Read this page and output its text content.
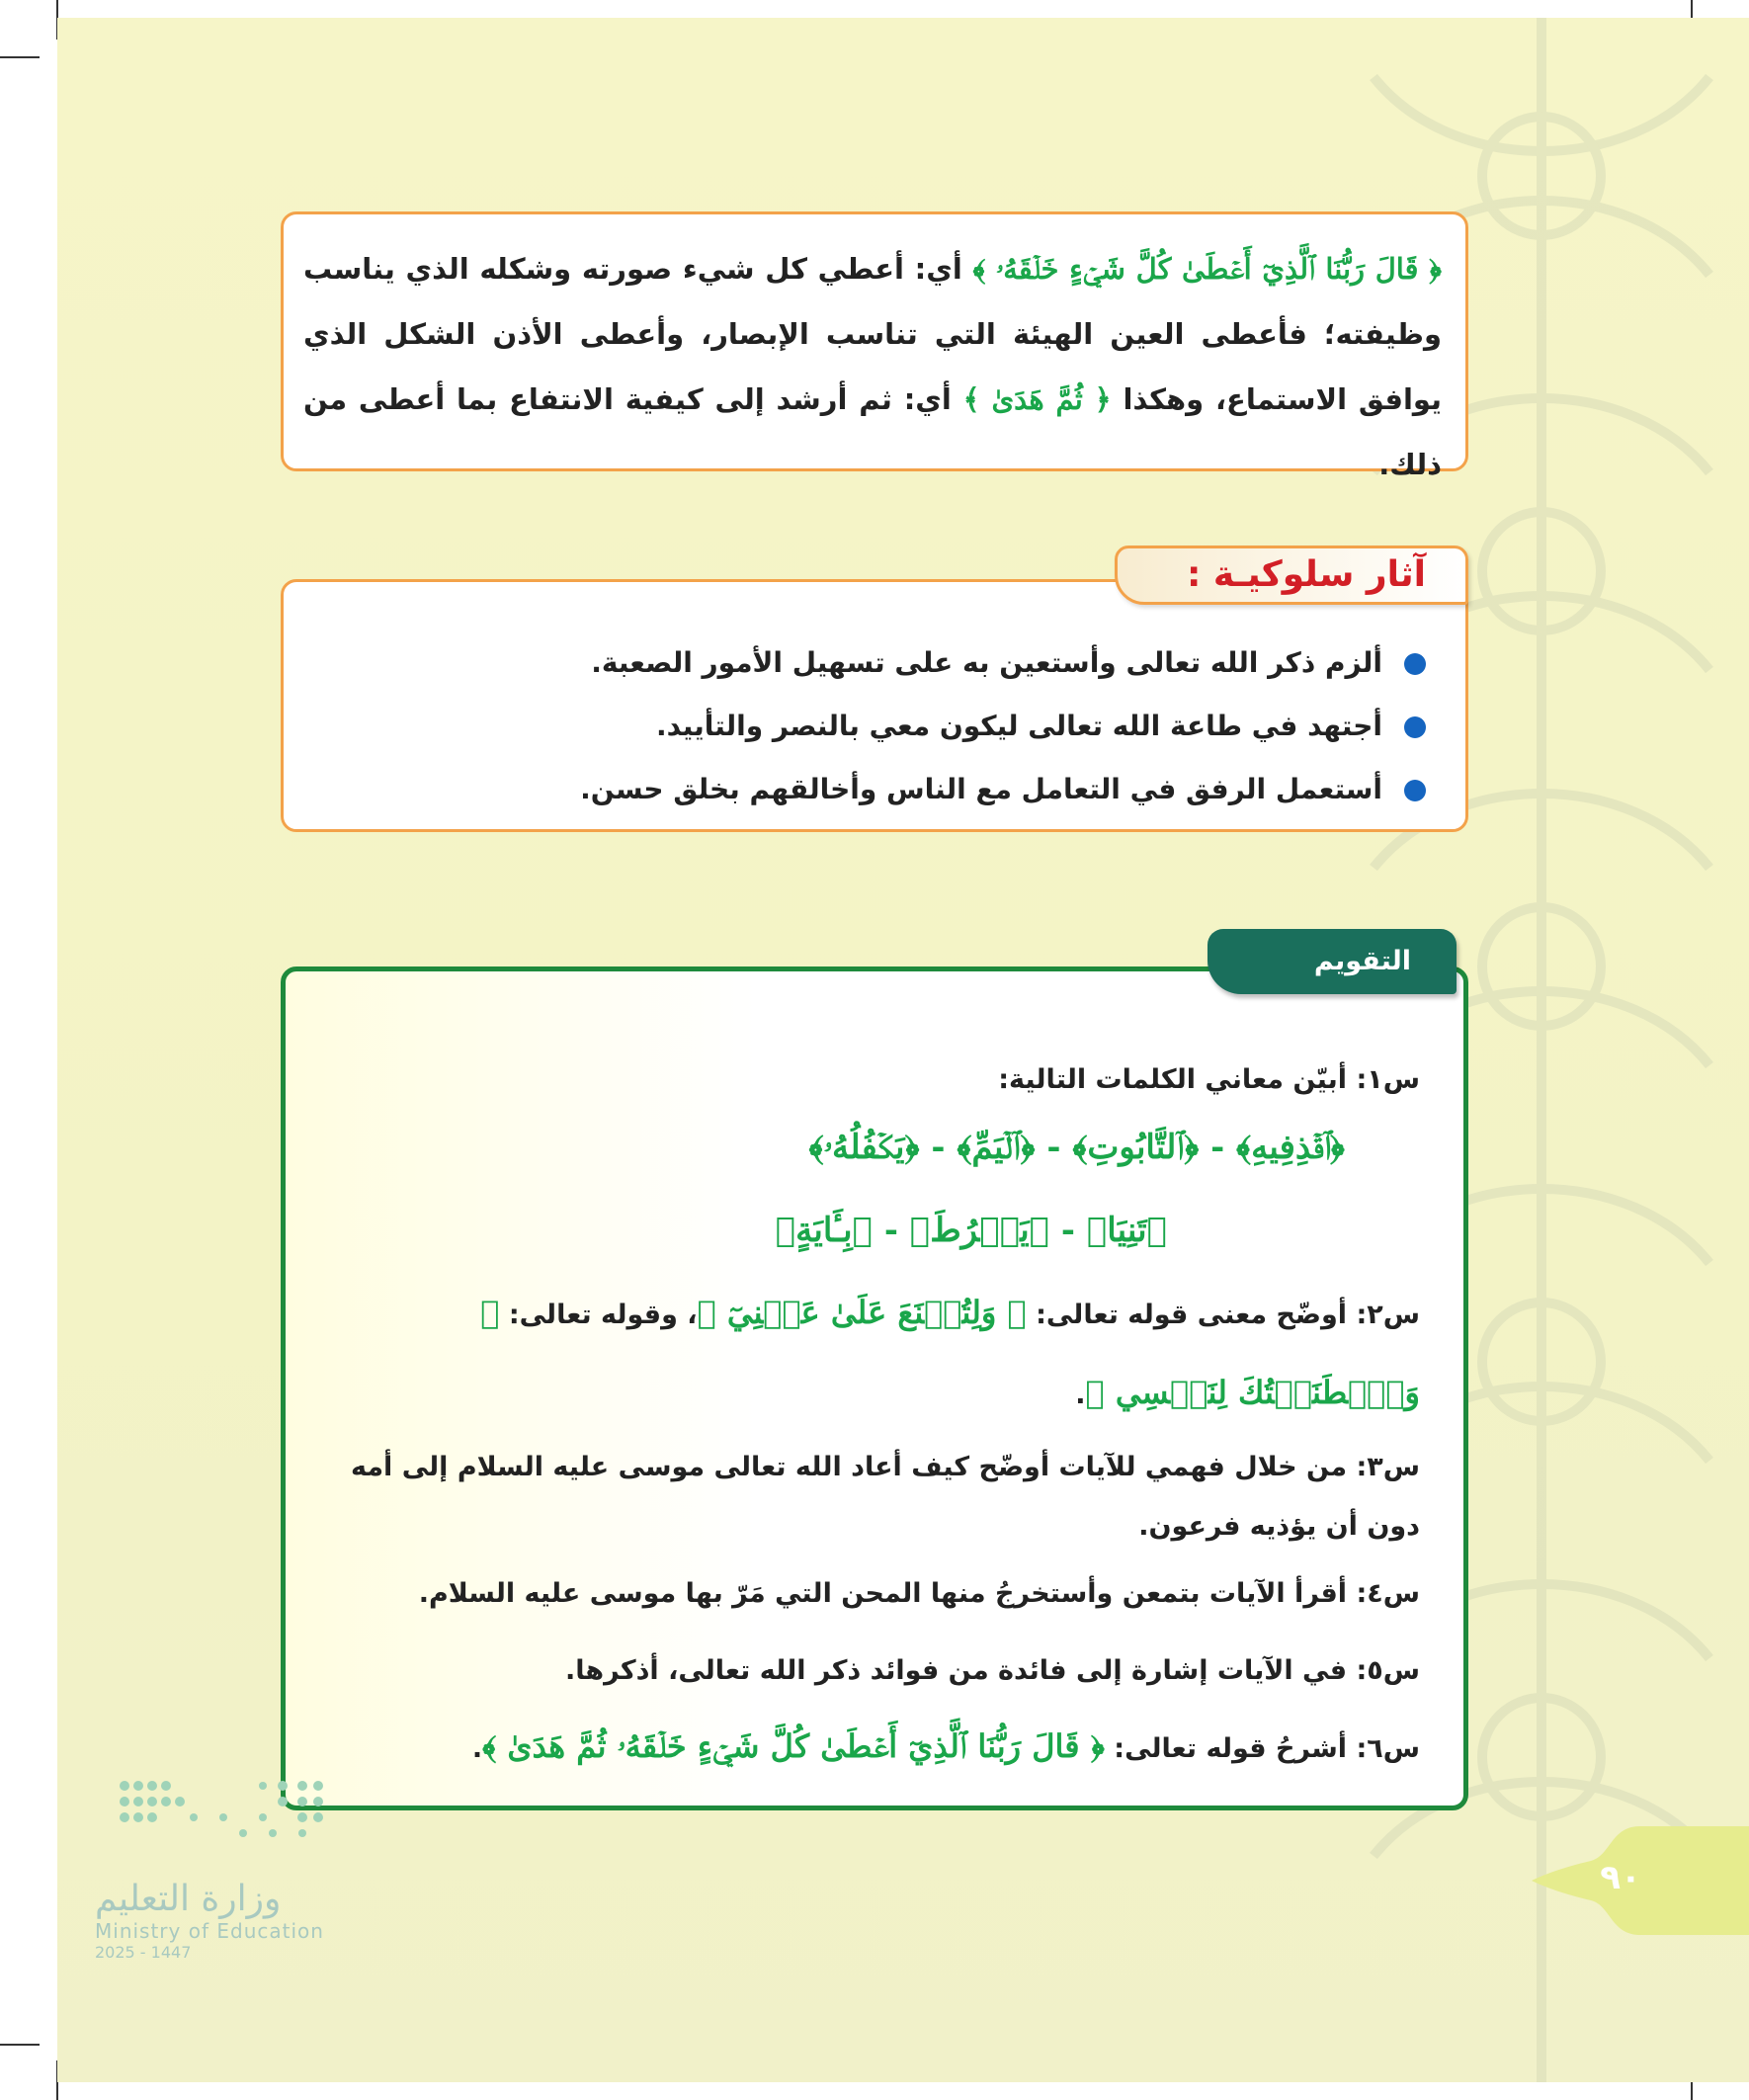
﴿ قَالَ رَبُّنَا ٱلَّذِيٓ أَعۡطَىٰ كُلَّ شَيۡءٍ خَلۡقَهُۥ ﴾ أي: أعطي كل شيء صورته وشكله الذي يناسب وظيفته؛ فأعطى العين الهيئة التي تناسب الإبصار، وأعطى الأذن الشكل الذي يوافق الاستماع، وهكذا ﴿ ثُمَّ هَدَىٰ ﴾ أي: ثم أرشد إلى كيفية الانتفاع بما أعطى من ذلك.
ألزم ذكر الله تعالى وأستعين به على تسهيل الأمور الصعبة.
أجتهد في طاعة الله تعالى ليكون معي بالنصر والتأييد.
أستعمل الرفق في التعامل مع الناس وأخالقهم بخلق حسن.
آثار سلوكيـة :
س١: أبيّن معاني الكلمات التالية:
﴿ٱقۡذِفِيهِ﴾ - ﴿ٱلتَّابُوتِ﴾ - ﴿ٱلۡيَمِّ﴾ - ﴿يَكۡفُلُهُۥ﴾
﴿تَنِيَا﴾ - ﴿يَفۡرُطَ﴾ - ﴿بِـَٔايَةٍ﴾
س٢: أوضّح معنى قوله تعالى: ﴿ وَلِتُصۡنَعَ عَلَىٰ عَيۡنِيٓ ﴾، وقوله تعالى: ﴿ وَٱصۡطَنَعۡتُكَ لِنَفۡسِي ﴾.
س٣: من خلال فهمي للآيات أوضّح كيف أعاد الله تعالى موسى عليه السلام إلى أمه دون أن يؤذيه فرعون.
س٤: أقرأ الآيات بتمعن وأستخرجُ منها المحن التي مَرّ بها موسى عليه السلام.
س٥: في الآيات إشارة إلى فائدة من فوائد ذكر الله تعالى، أذكرها.
س٦: أشرحُ قوله تعالى: ﴿ قَالَ رَبُّنَا ٱلَّذِيٓ أَعۡطَىٰ كُلَّ شَيۡءٍ خَلۡقَهُۥ ثُمَّ هَدَىٰ ﴾.
التقويم
٩٠
وزارة التعليم
Ministry of Education
2025 - 1447
